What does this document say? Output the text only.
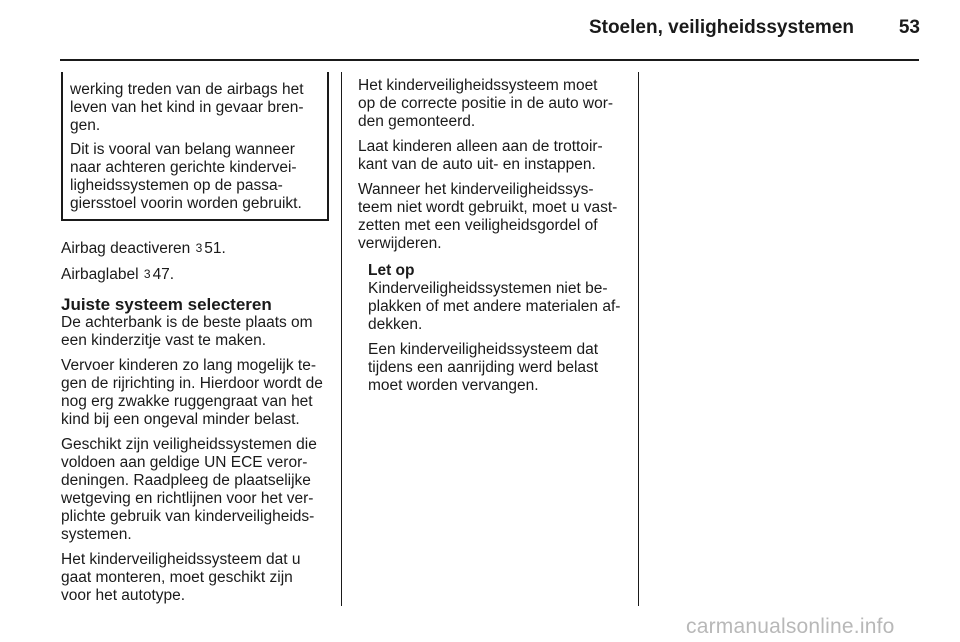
Stoelen, veiligheidssystemen 53

werking treden van de airbags het
leven van het kind in gevaar bren-
gen.

Dit is vooral van belang wanneer
naar achteren gerichte kindervei-
ligheidssystemen op de passa-
giersstoel voorin worden gebruikt.

Airbag deactiveren 3 51.

Airbaglabel 3 47.

Juiste systeem selecteren

De achterbank is de beste plaats om
een kinderzitje vast te maken.

Vervoer kinderen zo lang mogelijk te-
gen de rijrichting in. Hierdoor wordt de
nog erg zwakke ruggengraat van het
kind bij een ongeval minder belast.

Geschikt zijn veiligheidssystemen die
voldoen aan geldige UN ECE veror-
deningen. Raadpleeg de plaatselijke
wetgeving en richtlijnen voor het ver-
plichte gebruik van kinderveiligheids-
systemen.

Het kinderveiligheidssysteem dat u
gaat monteren, moet geschikt zijn
voor het autotype.

Het kinderveiligheidssysteem moet
op de correcte positie in de auto wor-
den gemonteerd.

Laat kinderen alleen aan de trottoir-
kant van de auto uit- en instappen.

Wanneer het kinderveiligheidssys-
teem niet wordt gebruikt, moet u vast-
zetten met een veiligheidsgordel of
verwijderen.

Let op

Kinderveiligheidssystemen niet be-
plakken of met andere materialen af-
dekken.

Een kinderveiligheidssysteem dat
tijdens een aanrijding werd belast
moet worden vervangen.

carmanualsonline.info
